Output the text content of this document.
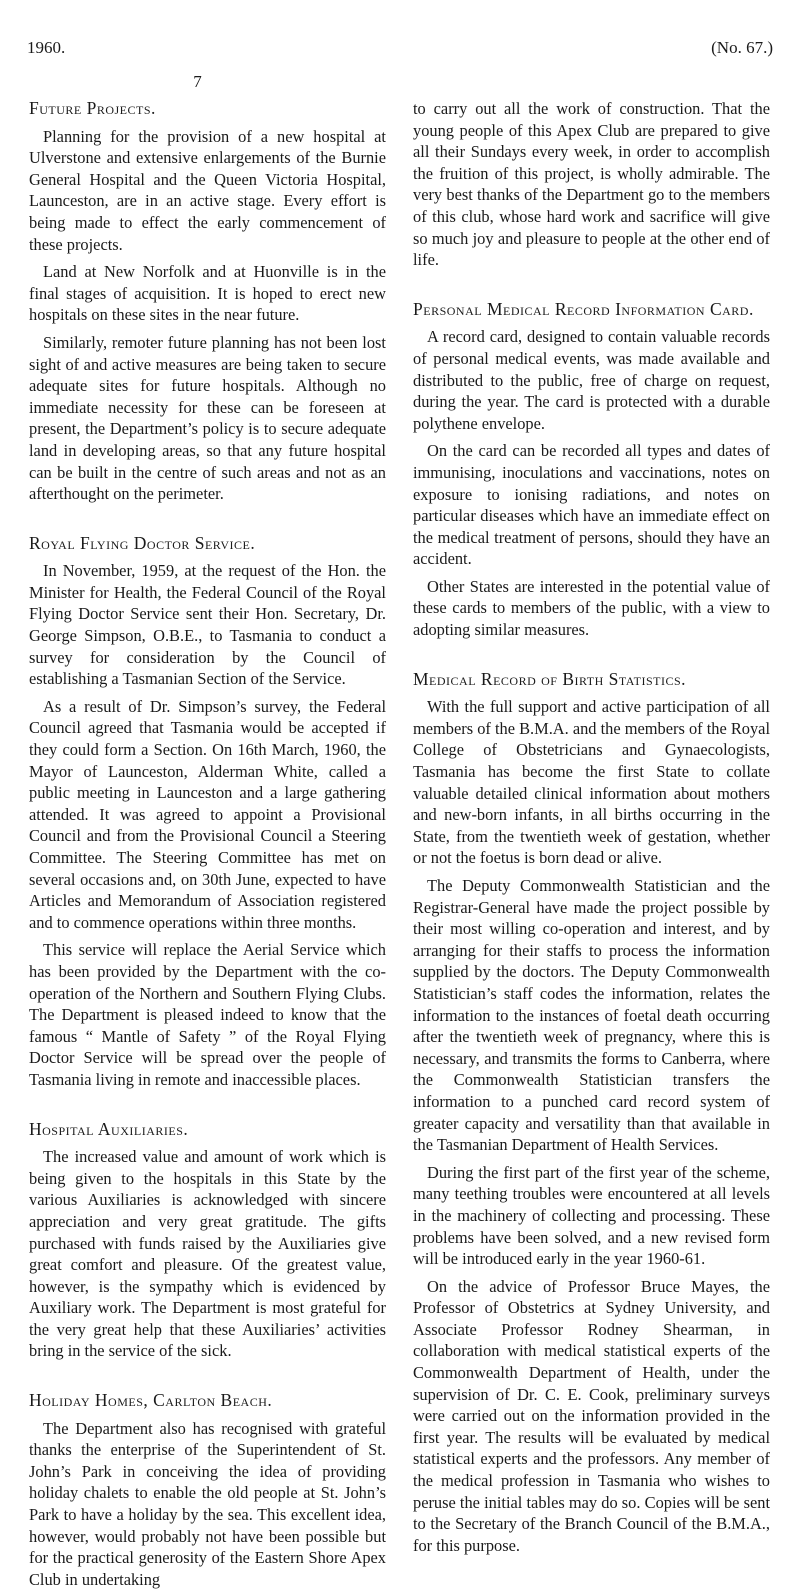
1960.	(No. 67.)
7
Future Projects.

Planning for the provision of a new hospital at Ulverstone and extensive enlargements of the Burnie General Hospital and the Queen Victoria Hospital, Launceston, are in an active stage. Every effort is being made to effect the early commencement of these projects.

Land at New Norfolk and at Huonville is in the final stages of acquisition. It is hoped to erect new hospitals on these sites in the near future.

Similarly, remoter future planning has not been lost sight of and active measures are being taken to secure adequate sites for future hospitals. Although no immediate necessity for these can be foreseen at present, the Department’s policy is to secure adequate land in developing areas, so that any future hospital can be built in the centre of such areas and not as an afterthought on the perimeter.

Royal Flying Doctor Service.

In November, 1959, at the request of the Hon. the Minister for Health, the Federal Council of the Royal Flying Doctor Service sent their Hon. Secretary, Dr. George Simpson, O.B.E., to Tasmania to conduct a survey for consideration by the Council of establishing a Tasmanian Section of the Service.

As a result of Dr. Simpson’s survey, the Federal Council agreed that Tasmania would be accepted if they could form a Section. On 16th March, 1960, the Mayor of Launceston, Alderman White, called a public meeting in Launceston and a large gathering attended. It was agreed to appoint a Provisional Council and from the Provisional Council a Steering Committee. The Steering Committee has met on several occasions and, on 30th June, expected to have Articles and Memorandum of Association registered and to commence operations within three months.

This service will replace the Aerial Service which has been provided by the Department with the co-operation of the Northern and Southern Flying Clubs. The Department is pleased indeed to know that the famous “ Mantle of Safety ” of the Royal Flying Doctor Service will be spread over the people of Tasmania living in remote and inaccessible places.

Hospital Auxiliaries.

The increased value and amount of work which is being given to the hospitals in this State by the various Auxiliaries is acknowledged with sincere appreciation and very great gratitude. The gifts purchased with funds raised by the Auxiliaries give great comfort and pleasure. Of the greatest value, however, is the sympathy which is evidenced by Auxiliary work. The Department is most grateful for the very great help that these Auxiliaries’ activities bring in the service of the sick.

Holiday Homes, Carlton Beach.

The Department also has recognised with grateful thanks the enterprise of the Superintendent of St. John’s Park in conceiving the idea of providing holiday chalets to enable the old people at St. John’s Park to have a holiday by the sea. This excellent idea, however, would probably not have been possible but for the practical generosity of the Eastern Shore Apex Club in undertaking

to carry out all the work of construction. That the young people of this Apex Club are prepared to give all their Sundays every week, in order to accomplish the fruition of this project, is wholly admirable. The very best thanks of the Department go to the members of this club, whose hard work and sacrifice will give so much joy and pleasure to people at the other end of life.

Personal Medical Record Information Card.

A record card, designed to contain valuable records of personal medical events, was made available and distributed to the public, free of charge on request, during the year. The card is protected with a durable polythene envelope.

On the card can be recorded all types and dates of immunising, inoculations and vaccinations, notes on exposure to ionising radiations, and notes on particular diseases which have an immediate effect on the medical treatment of persons, should they have an accident.

Other States are interested in the potential value of these cards to members of the public, with a view to adopting similar measures.

Medical Record of Birth Statistics.

With the full support and active participation of all members of the B.M.A. and the members of the Royal College of Obstetricians and Gynaecologists, Tasmania has become the first State to collate valuable detailed clinical information about mothers and new-born infants, in all births occurring in the State, from the twentieth week of gestation, whether or not the foetus is born dead or alive.

The Deputy Commonwealth Statistician and the Registrar-General have made the project possible by their most willing co-operation and interest, and by arranging for their staffs to process the information supplied by the doctors. The Deputy Commonwealth Statistician’s staff codes the information, relates the information to the instances of foetal death occurring after the twentieth week of pregnancy, where this is necessary, and transmits the forms to Canberra, where the Commonwealth Statistician transfers the information to a punched card record system of greater capacity and versatility than that available in the Tasmanian Department of Health Services.

During the first part of the first year of the scheme, many teething troubles were encountered at all levels in the machinery of collecting and processing. These problems have been solved, and a new revised form will be introduced early in the year 1960-61.

On the advice of Professor Bruce Mayes, the Professor of Obstetrics at Sydney University, and Associate Professor Rodney Shearman, in collaboration with medical statistical experts of the Commonwealth Department of Health, under the supervision of Dr. C. E. Cook, preliminary surveys were carried out on the information provided in the first year. The results will be evaluated by medical statistical experts and the professors. Any member of the medical profession in Tasmania who wishes to peruse the initial tables may do so. Copies will be sent to the Secretary of the Branch Council of the B.M.A., for this purpose.
